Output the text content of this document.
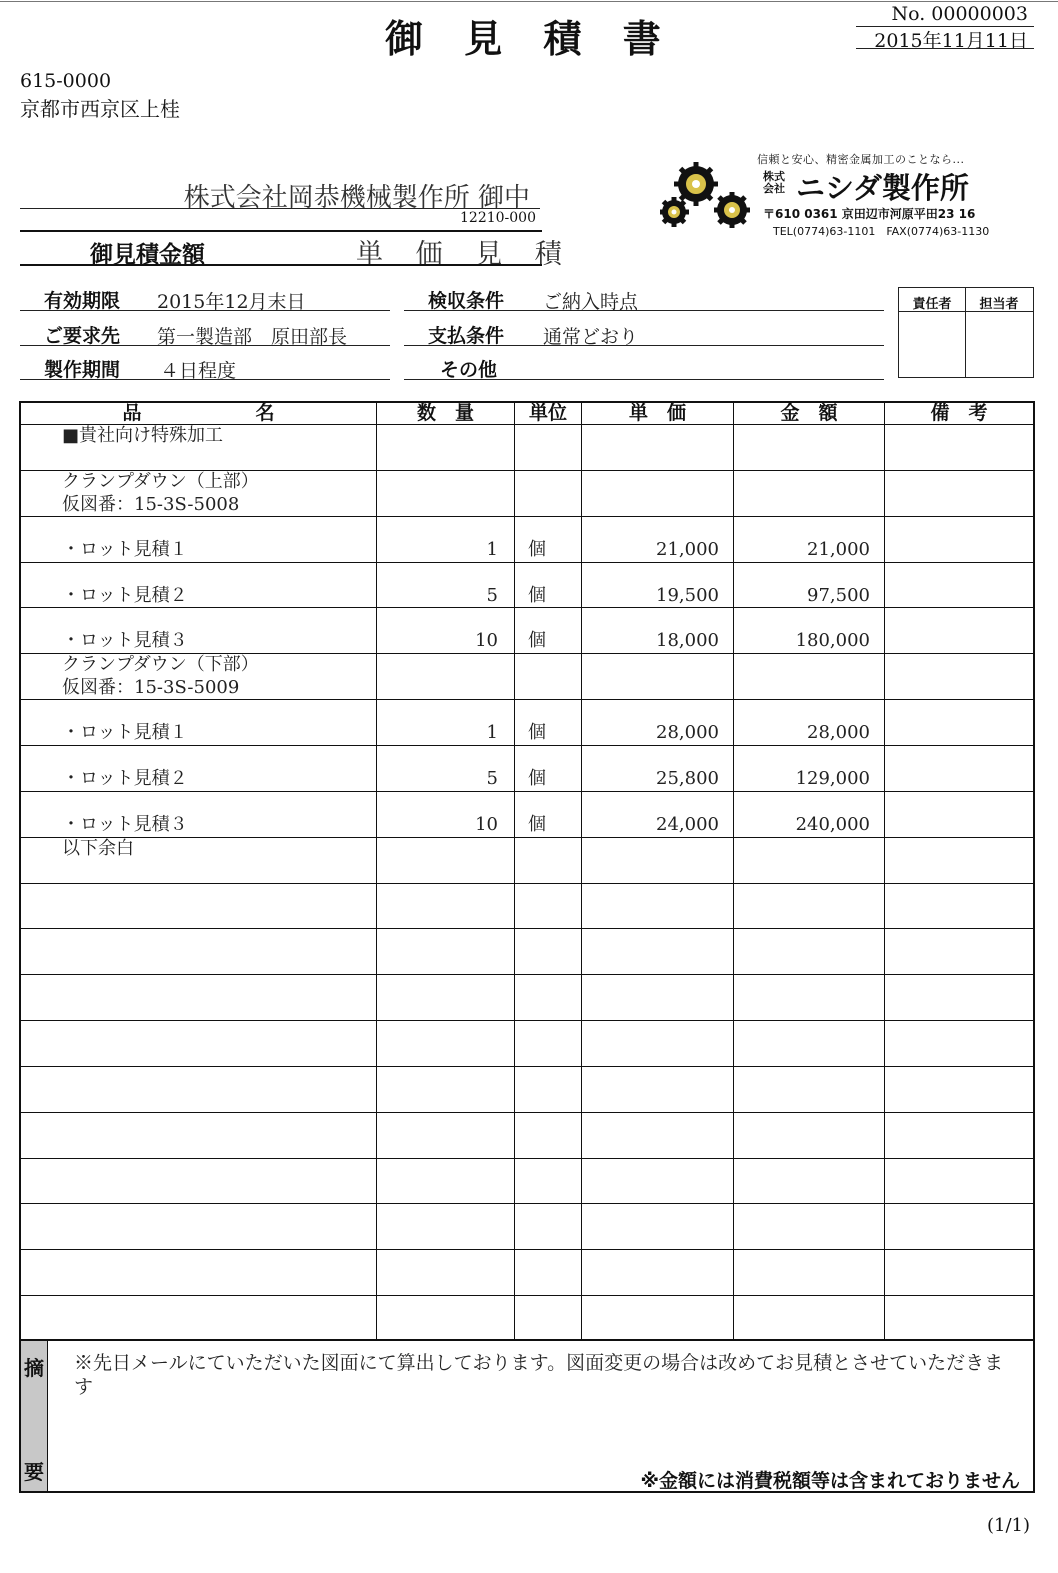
御 見 積 書
No. 00000003
2015年11月11日
615-0000
京都市西京区上桂
株式会社岡恭機械製作所 御中
12210-000
御見積金額	単 価 見 積
信頼と安心、精密金属加工のことなら...
株式会社 ニシダ製作所
〒610 0361 京田辺市河原平田23 16
TEL(0774)63-1101　FAX(0774)63-1130
有効期限 2015年12月末日	検収条件 ご納入時点
ご要求先 第一製造部　原田部長	支払条件 通常どおり
製作期間 ４日程度	その他
責任者	担当者
品　　　　　　名	数　量	単位	単　価	金　額	備　考
■貴社向け特殊加工
クランプダウン（上部）
仮図番：15-3S-5008
・ロット見積１	1 個	21,000	21,000
・ロット見積２	5 個	19,500	97,500
・ロット見積３	10 個	18,000	180,000
クランプダウン（下部）
仮図番：15-3S-5009
・ロット見積１	1 個	28,000	28,000
・ロット見積２	5 個	25,800	129,000
・ロット見積３	10 個	24,000	240,000
以下余白
摘
要
※先日メールにていただいた図面にて算出しております。図面変更の場合は改めてお見積とさせていただきます
※金額には消費税額等は含まれておりません
(1/1)
